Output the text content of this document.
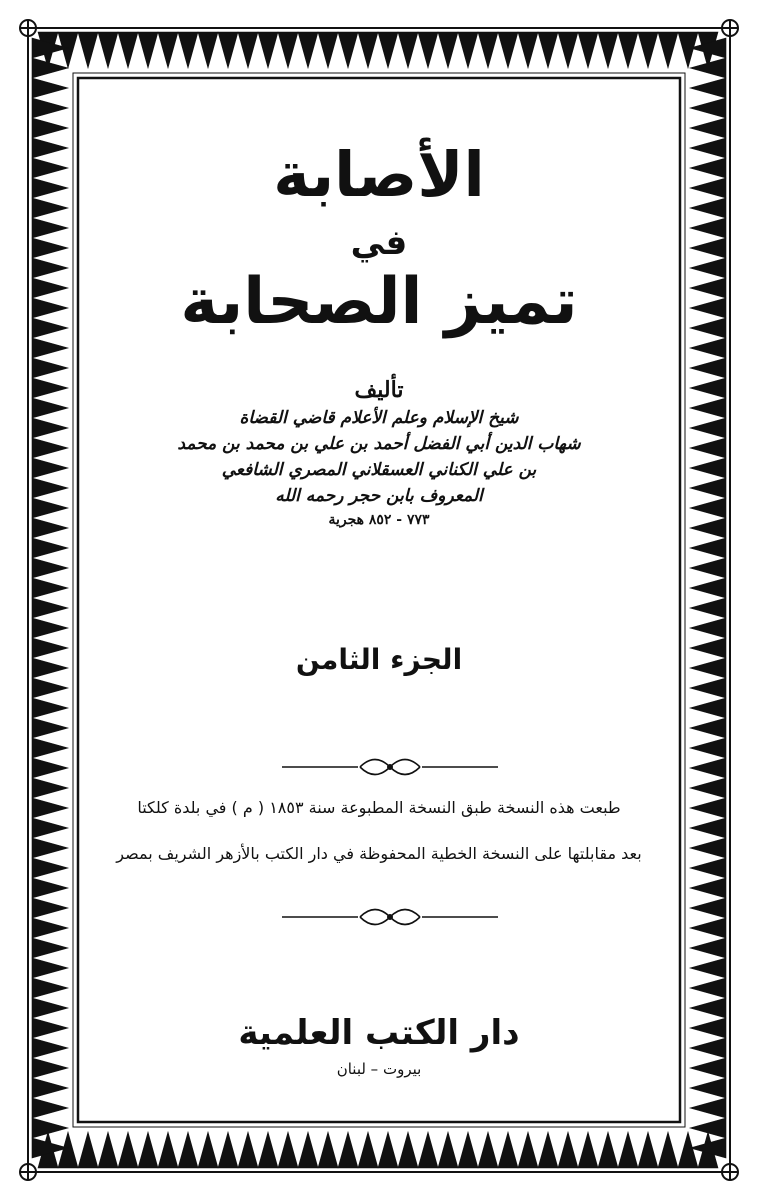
الأصابة
في
تميز الصحابة
تأليف
شيخ الإسلام وعلم الأعلام قاضي القضاة
شهاب الدين أبي الفضل أحمد بن علي بن محمد بن محمد
بن علي الكناني العسقلاني المصري الشافعي
المعروف بابن حجر رحمه الله
٧٧٣ - ٨٥٢ هجرية
الجزء الثامن
طبعت هذه النسخة طبق النسخة المطبوعة سنة ١٨٥٣ ( م ) في بلدة كلكتا
بعد مقابلتها على النسخة الخطية المحفوظة في دار الكتب بالأزهر الشريف بمصر
دار الكتب العلمية
بيروت – لبنان
